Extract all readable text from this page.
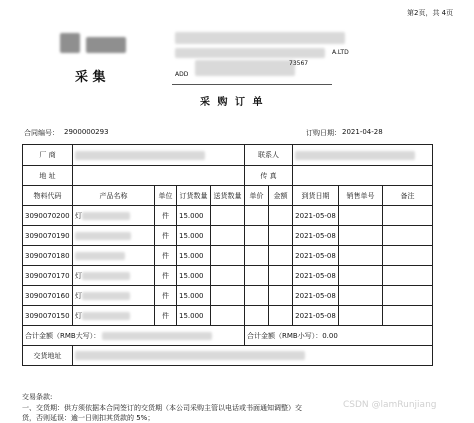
第2页，共 4页
采 集
A.LTD
ADD
73567
采 购 订 单
合同编号： 2900000293	订购日期： 2021-04-28
厂 商					联系人				

地 址					传 真				
物料代码	产品名称	单位	订货数量	送货数量	单价	金额	到货日期	销售单号	备注
3090070200	灯	件	15.000				2021-05-08		
3090070190		件	15.000				2021-05-08		
3090070180		件	15.000				2021-05-08		
3090070170	灯	件	15.000				2021-05-08		
3090070160	灯	件	15.000				2021-05-08		
3090070150	灯	件	15.000				2021-05-08		
合计金额（RMB大写）：					合计金额（RMB小写）：0.00				
交货地址									
交易条款:
一、交货期：供方须依据本合同签订的交货期（本公司采购主管以电话或书面通知调整）交
货，否则延误：逾一日则扣其货款的 5%；
CSDN @lamRunjiang
